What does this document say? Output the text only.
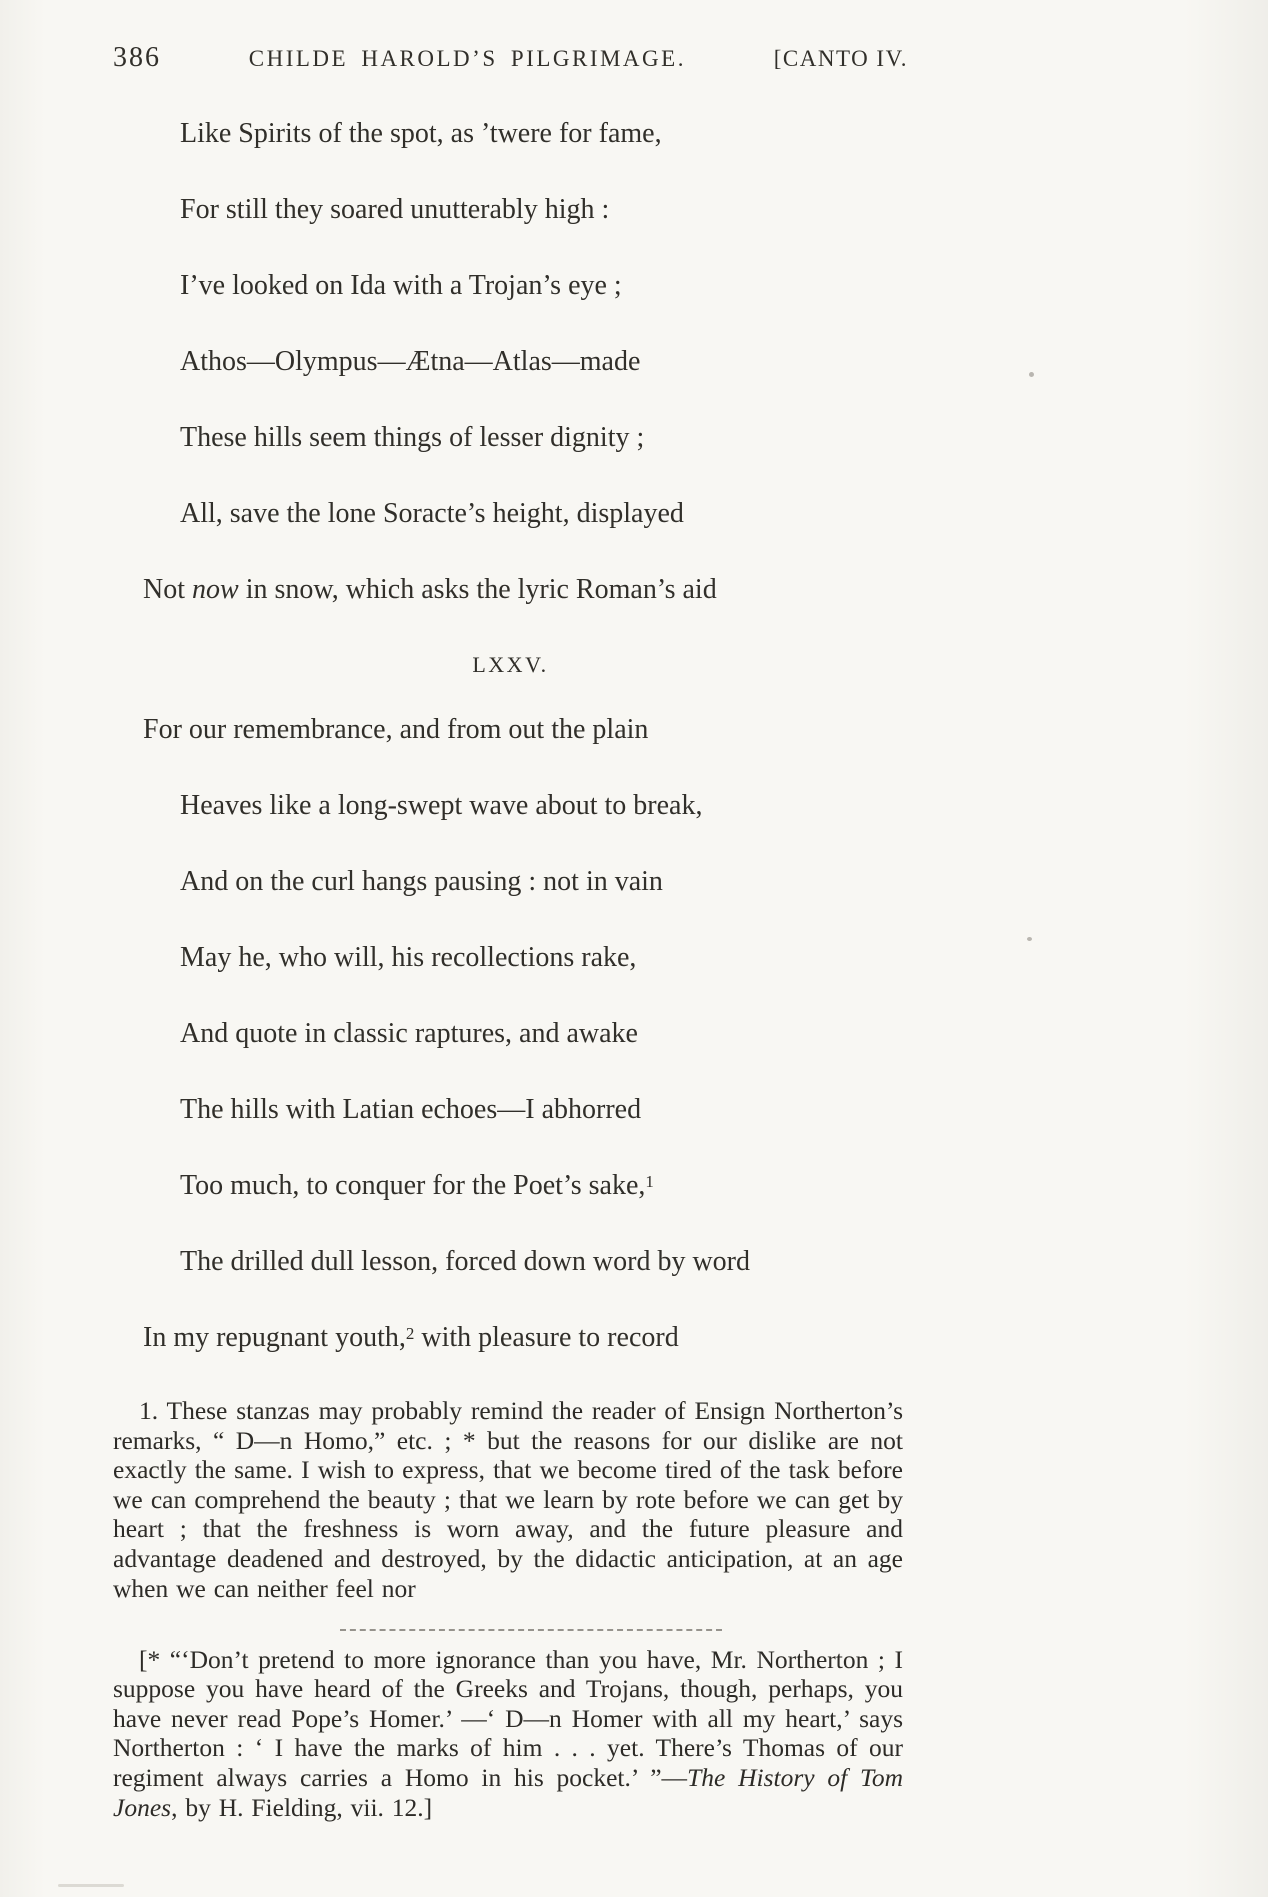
386	CHILDE HAROLD’S PILGRIMAGE.	[CANTO IV.

Like Spirits of the spot, as ’twere for fame,

For still they soared unutterably high :

I’ve looked on Ida with a Trojan’s eye ;

Athos—Olympus—Ætna—Atlas—made

These hills seem things of lesser dignity ;

All, save the lone Soracte’s height, displayed

Not now in snow, which asks the lyric Roman’s aid

LXXV.

For our remembrance, and from out the plain

Heaves like a long-swept wave about to break,

And on the curl hangs pausing : not in vain

May he, who will, his recollections rake,

And quote in classic raptures, and awake

The hills with Latian echoes—I abhorred

Too much, to conquer for the Poet’s sake,$^1$

The drilled dull lesson, forced down word by word

In my repugnant youth,$^2$ with pleasure to record

1. These stanzas may probably remind the reader of Ensign Northerton’s remarks, “ D—n Homo,” etc. ; * but the reasons for our dislike are not exactly the same. I wish to express, that we become tired of the task before we can comprehend the beauty ; that we learn by rote before we can get by heart ; that the freshness is worn away, and the future pleasure and advantage deadened and destroyed, by the didactic anticipation, at an age when we can neither feel nor

[* “‘Don’t pretend to more ignorance than you have, Mr. Northerton ; I suppose you have heard of the Greeks and Trojans, though, perhaps, you have never read Pope’s Homer.’ —‘ D—n Homer with all my heart,’ says Northerton : ‘ I have the marks of him . . . yet. There’s Thomas of our regiment always carries a Homo in his pocket.’ ”—The History of Tom Jones, by H. Fielding, vii. 12.]
